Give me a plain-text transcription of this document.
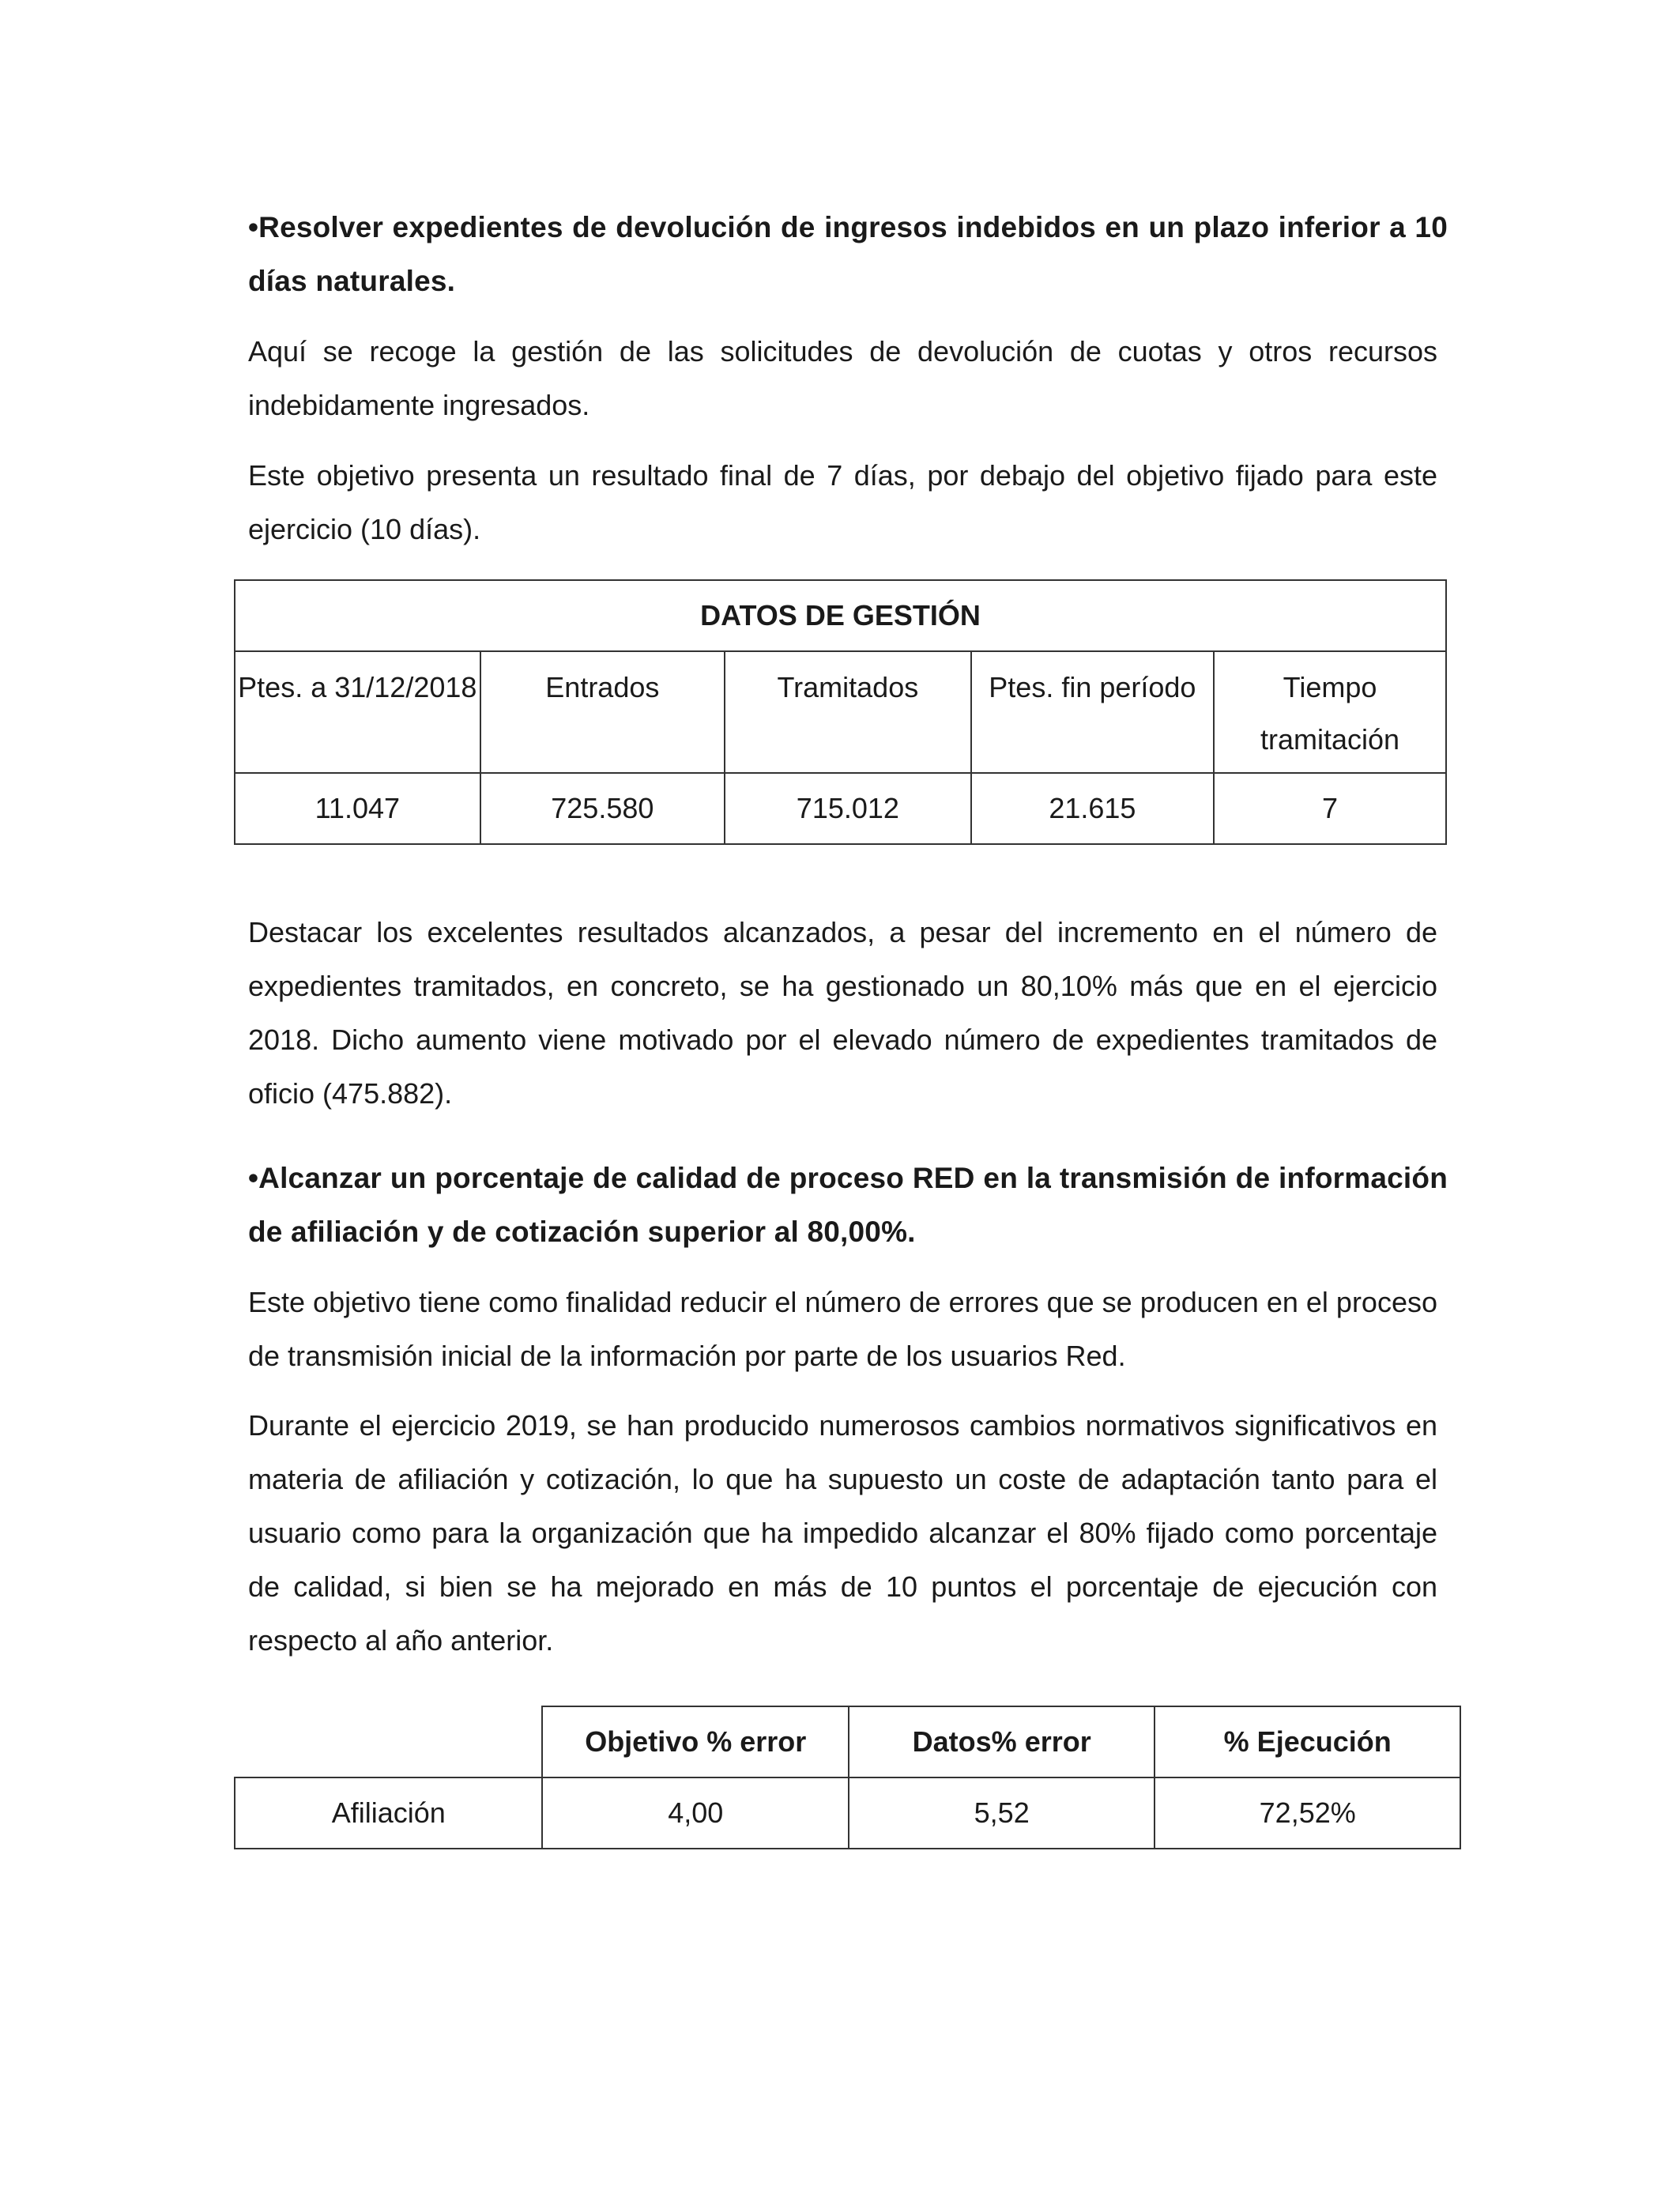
•Resolver expedientes de devolución de ingresos indebidos en un plazo inferior a 10 días naturales.
Aquí se recoge la gestión de las solicitudes de devolución de cuotas y otros recursos indebidamente ingresados.
Este objetivo presenta un resultado final de 7 días, por debajo del objetivo fijado para este ejercicio (10 días).
DATOS DE GESTIÓN				
Ptes. a 31/12/2018	Entrados	Tramitados	Ptes. fin período	Tiempo tramitación
11.047	725.580	715.012	21.615	7
Destacar los excelentes resultados alcanzados, a pesar del incremento en el número de expedientes tramitados, en concreto, se ha gestionado un 80,10% más que en el ejercicio 2018. Dicho aumento viene motivado por el elevado número de expedientes tramitados de oficio (475.882).
•Alcanzar un porcentaje de calidad de proceso RED en la transmisión de información de afiliación y de cotización superior al 80,00%.
Este objetivo tiene como finalidad reducir el número de errores que se producen en el proceso de transmisión inicial de la información por parte de los usuarios Red.
Durante el ejercicio 2019, se han producido numerosos cambios normativos significativos en materia de afiliación y cotización, lo que ha supuesto un coste de adaptación tanto para el usuario como para la organización que ha impedido alcanzar el 80% fijado como porcentaje de calidad, si bien se ha mejorado en más de 10 puntos el porcentaje de ejecución con respecto al año anterior.
	Objetivo % error	Datos% error	% Ejecución
Afiliación	4,00	5,52	72,52%
